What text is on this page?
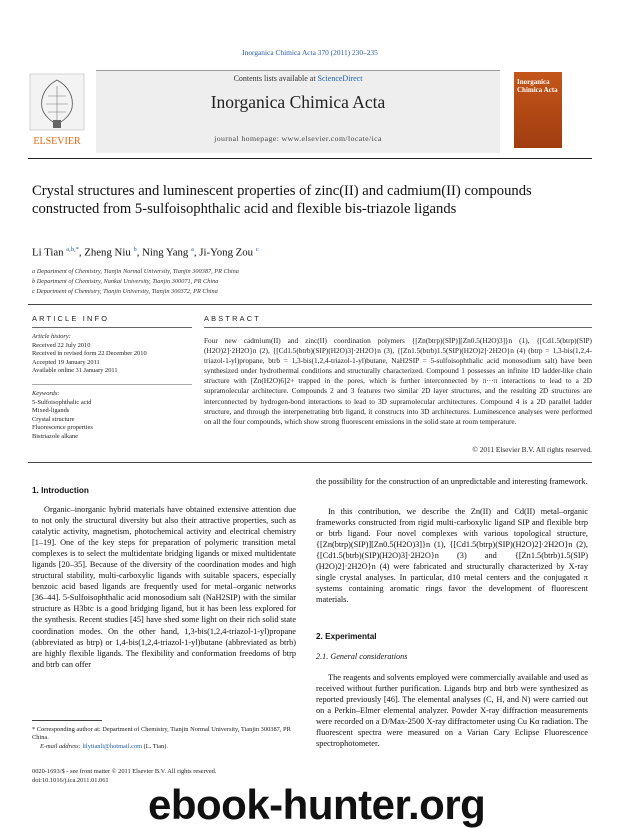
Inorganica Chimica Acta 370 (2011) 230–235
ELSEVIER
Contents lists available at ScienceDirect
Inorganica Chimica Acta
journal homepage: www.elsevier.com/locate/ica
Inorganica Chimica Acta
Crystal structures and luminescent properties of zinc(II) and cadmium(II) compounds constructed from 5-sulfoisophthalic acid and flexible bis-triazole ligands
Li Tian $^{a,b,*}$, Zheng Niu $^b$, Ning Yang $^a$, Ji-Yong Zou $^c$
a Department of Chemistry, Tianjin Normal University, Tianjin 300387, PR China
b Department of Chemistry, Nankai University, Tianjin 300071, PR China
c Department of Chemistry, Tianjin University, Tianjin 300372, PR China
ARTICLE INFO
Article history:
Received 22 July 2010
Received in revised form 22 December 2010
Accepted 19 January 2011
Available online 31 January 2011
Keywords:
5-Sulfoisophthalic acid
Mixed-ligands
Crystal structure
Fluorescence properties
Bistriazole alkane
ABSTRACT
Four new cadmium(II) and zinc(II) coordination polymers {[Zn(btrp)(SIP)][Zn0.5(H2O)3]}n (1), {[Cd1.5(btrp)(SIP)(H2O)2]·2H2O}n (2), {[Cd1.5(btrb)(SIP)(H2O)3]·2H2O}n (3), {[Zn1.5(btrb)1.5(SIP)(H2O)2]·2H2O}n (4) (btrp = 1,3-bis(1,2,4-triazol-1-yl)propane, btrb = 1,3-bis(1,2,4-triazol-1-yl)butane, NaH2SIP = 5-sulfoisophthalic acid monosodium salt) have been synthesized under hydrothermal conditions and structurally characterized. Compound 1 possesses an infinite 1D ladder-like chain structure with [Zn(H2O)6]2+ trapped in the pores, which is further interconnected by π···π interactions to lead to a 2D supramolecular architecture. Compounds 2 and 3 features two similar 2D layer structures, and the resulting 2D structures are interconnected by hydrogen-bond interactions to lead to 3D supramolecular architectures. Compound 4 is a 2D parallel ladder structure, and through the interpenetrating btrb ligand, it constructs into 3D architectures. Luminescence analyses were performed on all the four compounds, which show strong fluorescent emissions in the solid state at room temperature.
© 2011 Elsevier B.V. All rights reserved.
1. Introduction
Organic–inorganic hybrid materials have obtained extensive attention due to not only the structural diversity but also their attractive properties, such as catalytic activity, magnetism, photochemical activity and electrical chemistry [1–19]. One of the key steps for preparation of polymeric transition metal complexes is to select the multidentate bridging ligands or mixed multidentate ligands [20–35]. Because of the diversity of the coordination modes and high structural stability, multi-carboxylic ligands with suitable spacers, especially benzoic acid based ligands are frequently used for metal–organic networks [36–44]. 5-Sulfoisophthalic acid monosodium salt (NaH2SIP) with the similar structure as H3btc is a good bridging ligand, but it has been less explored for the synthesis. Recent studies [45] have shed some light on their rich solid state coordination modes. On the other hand, 1,3-bis(1,2,4-triazol-1-yl)propane (abbreviated as btrp) or 1,4-bis(1,2,4-triazol-1-yl)butane (abbreviated as btrb) are highly flexible ligands. The flexibility and conformation freedoms of btrp and btrb can offer
the possibility for the construction of an unpredictable and interesting framework.
In this contribution, we describe the Zn(II) and Cd(II) metal–organic frameworks constructed from rigid multi-carboxylic ligand SIP and flexible btrp or btrb ligand. Four novel complexes with various topological structure, {[Zn(btrp)(SIP)][Zn0.5(H2O)3]}n (1), {[Cd1.5(btrp)(SIP)(H2O)2]·2H2O}n (2), {[Cd1.5(btrb)(SIP)(H2O)3]·2H2O}n (3) and {[Zn1.5(btrb)1.5(SIP)(H2O)2]·2H2O}n (4) were fabricated and structurally characterized by X-ray single crystal analyses. In particular, d10 metal centers and the conjugated π systems containing aromatic rings favor the development of fluorescent materials.
2. Experimental
2.1. General considerations
The reagents and solvents employed were commercially available and used as received without further purification. Ligands btrp and btrb were synthesized as reported previously [46]. The elemental analyses (C, H, and N) were carried out on a Perkin–Elmer elemental analyzer. Powder X-ray diffraction measurements were recorded on a D/Max-2500 X-ray diffractometer using Cu Kα radiation. The fluorescent spectra were measured on a Varian Cary Eclipse Fluorescence spectrophotometer.
* Corresponding author at: Department of Chemistry, Tianjin Normal University, Tianjin 300387, PR China.
E-mail address: lilytianli@hotmail.com (L. Tian).
0020-1693/$ - see front matter © 2011 Elsevier B.V. All rights reserved.
doi:10.1016/j.ica.2011.01.061
ebook-hunter.org
